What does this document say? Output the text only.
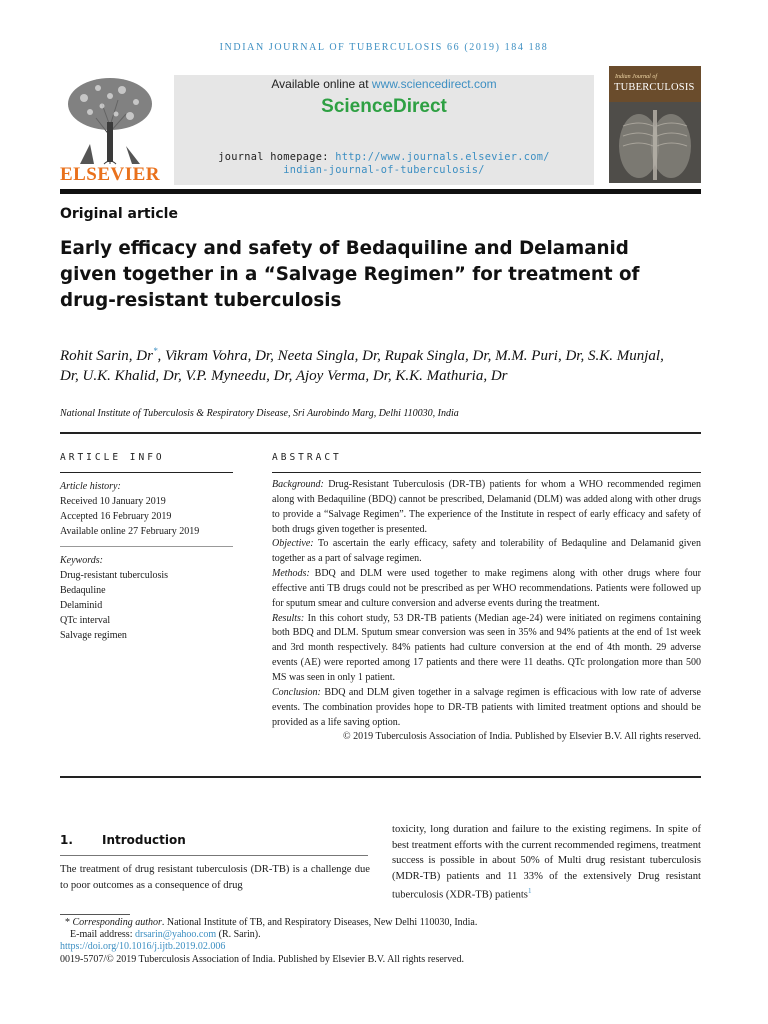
INDIAN JOURNAL OF TUBERCULOSIS 66 (2019) 184 188
ELSEVIER
Available online at www.sciencedirect.com
ScienceDirect
journal homepage: http://www.journals.elsevier.com/
indian-journal-of-tuberculosis/
Indian Journal of
TUBERCULOSIS
Original article
Early efficacy and safety of Bedaquiline and Delamanid given together in a “Salvage Regimen” for treatment of drug-resistant tuberculosis
Rohit Sarin, Dr*, Vikram Vohra, Dr, Neeta Singla, Dr, Rupak Singla, Dr, M.M. Puri, Dr, S.K. Munjal, Dr, U.K. Khalid, Dr, V.P. Myneedu, Dr, Ajoy Verma, Dr, K.K. Mathuria, Dr
National Institute of Tuberculosis & Respiratory Disease, Sri Aurobindo Marg, Delhi 110030, India
ARTICLE INFO	ABSTRACT
Article history:
Received 10 January 2019
Accepted 16 February 2019
Available online 27 February 2019
Keywords:
Drug-resistant tuberculosis
Bedaquline
Delaminid
QTc interval
Salvage regimen

Background: Drug-Resistant Tuberculosis (DR-TB) patients for whom a WHO recommended regimen along with Bedaquiline (BDQ) cannot be prescribed, Delamanid (DLM) was added along with other drugs to provide a “Salvage Regimen”. The experience of the Institute in respect of early efficacy and safety of both drugs given together is presented.

Objective: To ascertain the early efficacy, safety and tolerability of Bedaquline and Delamanid given together as a part of salvage regimen.

Methods: BDQ and DLM were used together to make regimens along with other drugs where four effective anti TB drugs could not be prescribed as per WHO recommendations. Patients were followed up for sputum smear and culture conversion and adverse events during the treatment.

Results: In this cohort study, 53 DR-TB patients (Median age-24) were initiated on regimens containing both BDQ and DLM. Sputum smear conversion was seen in 35% and 94% patients at the end of 1st week and 3rd month respectively. 84% patients had culture conversion at the end of 4th month. 29 adverse events (AE) were reported among 17 patients and there were 11 deaths. QTc prolongation more than 500 MS was seen in only 1 patient.

Conclusion: BDQ and DLM given together in a salvage regimen is efficacious with low rate of adverse events. The combination provides hope to DR-TB patients with limited treatment options and should be provided as a life saving option.

© 2019 Tuberculosis Association of India. Published by Elsevier B.V. All rights reserved.

1. Introduction
The treatment of drug resistant tuberculosis (DR-TB) is a challenge due to poor outcomes as a consequence of drug
toxicity, long duration and failure to the existing regimens. In spite of best treatment efforts with the current recommended regimens, treatment success is possible in about 50% of Multi drug resistant tuberculosis (MDR-TB) patients and 11 33% of the extensively Drug resistant tuberculosis (XDR-TB) patients$^1$
* Corresponding author. National Institute of TB, and Respiratory Diseases, New Delhi 110030, India.
E-mail address: drsarin@yahoo.com (R. Sarin).
https://doi.org/10.1016/j.ijtb.2019.02.006
0019-5707/© 2019 Tuberculosis Association of India. Published by Elsevier B.V. All rights reserved.
